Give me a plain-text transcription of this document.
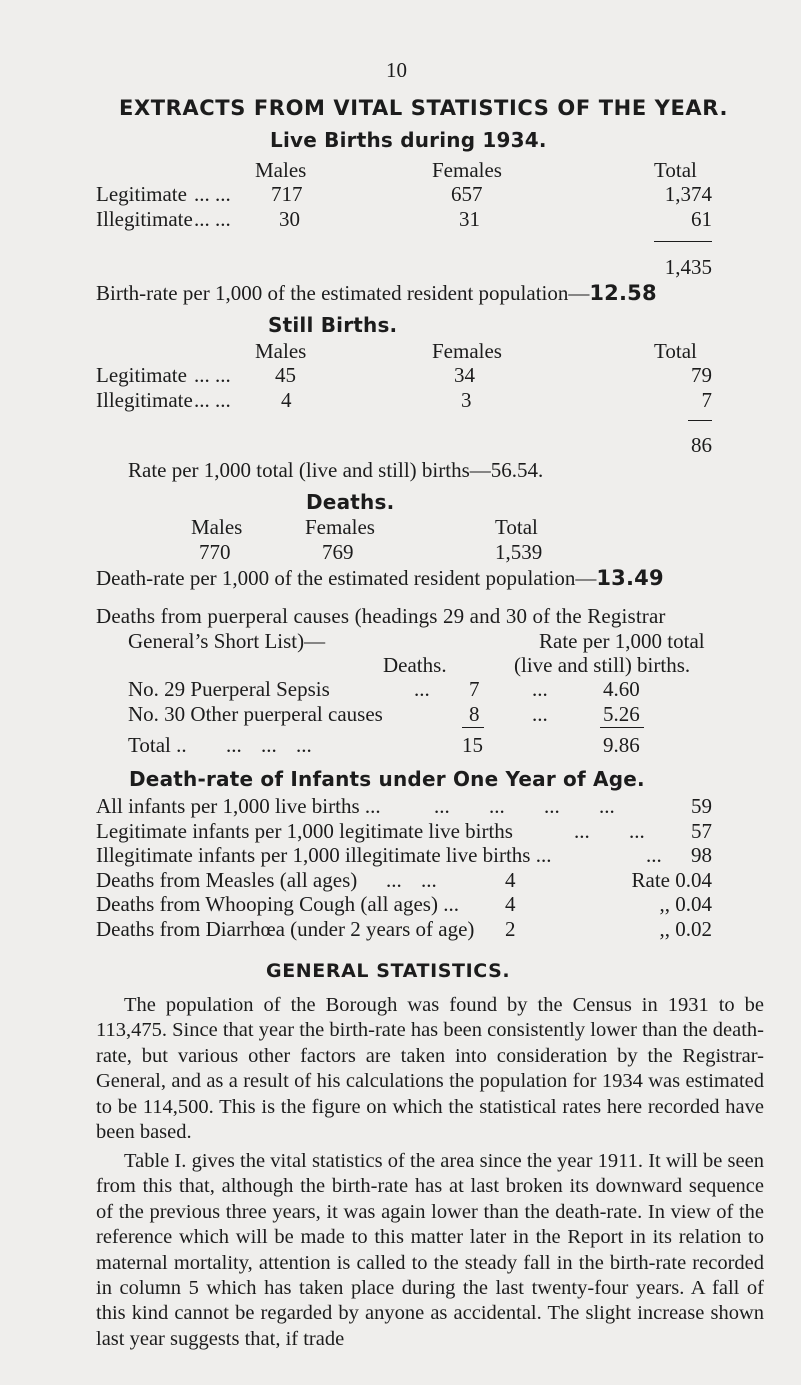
10
EXTRACTS FROM VITAL STATISTICS OF THE YEAR.
Live Births during 1934.
Males	Females	Total
Legitimate ... ... 717	657	1,374
Illegitimate ... ... 30	31	61
1,435
Birth-rate per 1,000 of the estimated resident population—12.58
Still Births.
Males	Females	Total
Legitimate ... ... 45	34	79
Illegitimate ... ... 4	3	7
86
Rate per 1,000 total (live and still) births—56.54.
Deaths.
Males	Females	Total
770	769	1,539
Death-rate per 1,000 of the estimated resident population—13.49
Deaths from puerperal causes (headings 29 and 30 of the Registrar
General’s Short List)—	Rate per 1,000 total
Deaths.	(live and still) births.
No. 29 Puerperal Sepsis	... 7	...	4.60
No. 30 Other puerperal causes	8	...	5.26
Total .. ... ... ...	15	9.86
Death-rate of Infants under One Year of Age.
All infants per 1,000 live births ...	... ... ... ...	59
Legitimate infants per 1,000 legitimate live births	... ...	57
Illegitimate infants per 1,000 illegitimate live births ...	...	98
Deaths from Measles (all ages) ... ...	4	Rate 0.04
Deaths from Whooping Cough (all ages) ... 4	,, 0.04
Deaths from Diarrhœa (under 2 years of age) 2	,, 0.02
GENERAL STATISTICS.
The population of the Borough was found by the Census in 1931 to be 113,475. Since that year the birth-rate has been consistently lower than the death-rate, but various other factors are taken into consideration by the Registrar-General, and as a result of his calculations the population for 1934 was estimated to be 114,500. This is the figure on which the statistical rates here recorded have been based.
Table I. gives the vital statistics of the area since the year 1911. It will be seen from this that, although the birth-rate has at last broken its downward sequence of the previous three years, it was again lower than the death-rate. In view of the reference which will be made to this matter later in the Report in its relation to maternal mortality, attention is called to the steady fall in the birth-rate recorded in column 5 which has taken place during the last twenty-four years. A fall of this kind cannot be regarded by anyone as accidental. The slight increase shown last year suggests that, if trade
